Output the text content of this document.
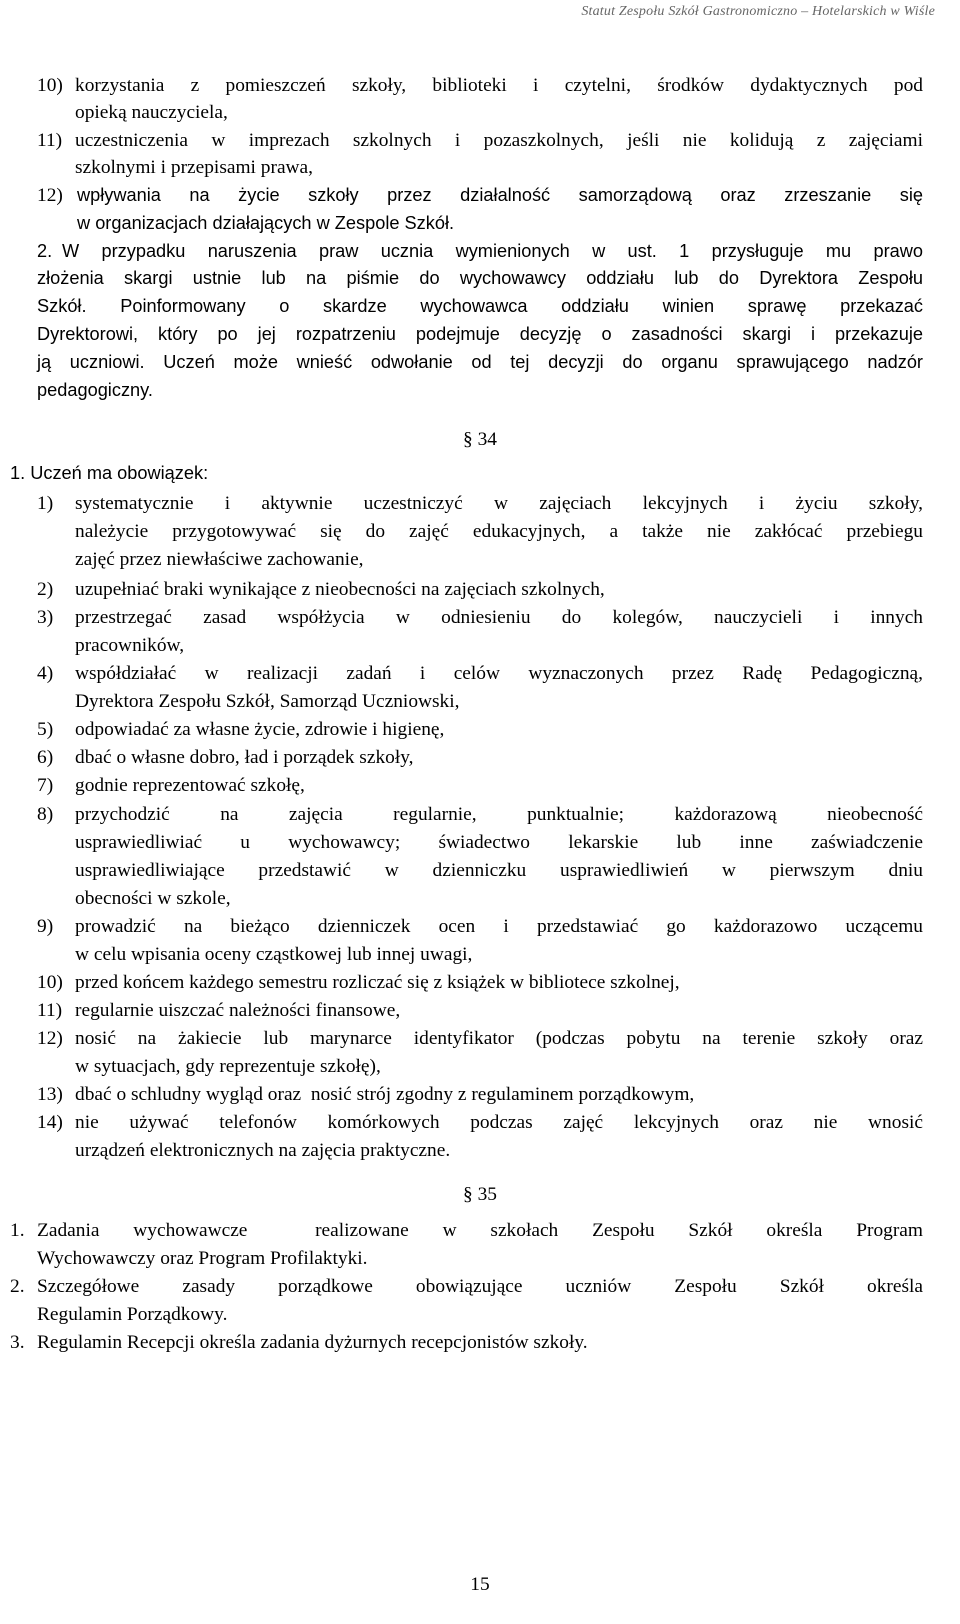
Statut Zespołu Szkół Gastronomiczno – Hotelarskich w Wiśle
10) korzystania z pomieszczeń szkoły, biblioteki i czytelni, środków dydaktycznych pod
opieką nauczyciela,
11) uczestniczenia w imprezach szkolnych i pozaszkolnych, jeśli nie kolidują z zajęciami
szkolnymi i przepisami prawa,
12) wpływania na życie szkoły przez działalność samorządową oraz zrzeszanie się
w organizacjach działających w Zespole Szkół.
2. W przypadku naruszenia praw ucznia wymienionych w ust. 1 przysługuje mu prawo
złożenia skargi ustnie lub na piśmie do wychowawcy oddziału lub do Dyrektora Zespołu
Szkół. Poinformowany o skardze wychowawca oddziału winien sprawę przekazać
Dyrektorowi, który po jej rozpatrzeniu podejmuje decyzję o zasadności skargi i przekazuje
ją uczniowi. Uczeń może wnieść odwołanie od tej decyzji do organu sprawującego nadzór
pedagogiczny.
§ 34
1. Uczeń ma obowiązek:
1)	systematycznie i aktywnie uczestniczyć w zajęciach lekcyjnych i życiu szkoły,
należycie przygotowywać się do zajęć edukacyjnych, a także nie zakłócać przebiegu
zajęć przez niewłaściwe zachowanie,
2)	uzupełniać braki wynikające z nieobecności na zajęciach szkolnych,
3)	przestrzegać zasad współżycia w odniesieniu do kolegów, nauczycieli i innych
pracowników,
4)	współdziałać w realizacji zadań i celów wyznaczonych przez Radę Pedagogiczną,
Dyrektora Zespołu Szkół, Samorząd Uczniowski,
5)	odpowiadać za własne życie, zdrowie i higienę,
6)	dbać o własne dobro, ład i porządek szkoły,
7)	godnie reprezentować szkołę,
8)	przychodzić na zajęcia regularnie, punktualnie; każdorazową nieobecność
usprawiedliwiać u wychowawcy; świadectwo lekarskie lub inne zaświadczenie
usprawiedliwiające przedstawić w dzienniczku usprawiedliwień w pierwszym dniu
obecności w szkole,
9)	prowadzić na bieżąco dzienniczek ocen i przedstawiać go każdorazowo uczącemu
w celu wpisania oceny cząstkowej lub innej uwagi,
10) przed końcem każdego semestru rozliczać się z książek w bibliotece szkolnej,
11) regularnie uiszczać należności finansowe,
12) nosić na żakiecie lub marynarce identyfikator (podczas pobytu na terenie szkoły oraz
w sytuacjach, gdy reprezentuje szkołę),
13) dbać o schludny wygląd oraz  nosić strój zgodny z regulaminem porządkowym,
14) nie używać telefonów komórkowych podczas zajęć lekcyjnych oraz nie wnosić
urządzeń elektronicznych na zajęcia praktyczne.
§ 35
1. Zadania wychowawcze  realizowane w szkołach Zespołu Szkół określa Program
Wychowawczy oraz Program Profilaktyki.
2. Szczegółowe zasady porządkowe obowiązujące uczniów Zespołu Szkół określa
Regulamin Porządkowy.
3. Regulamin Recepcji określa zadania dyżurnych recepcjonistów szkoły.
15
